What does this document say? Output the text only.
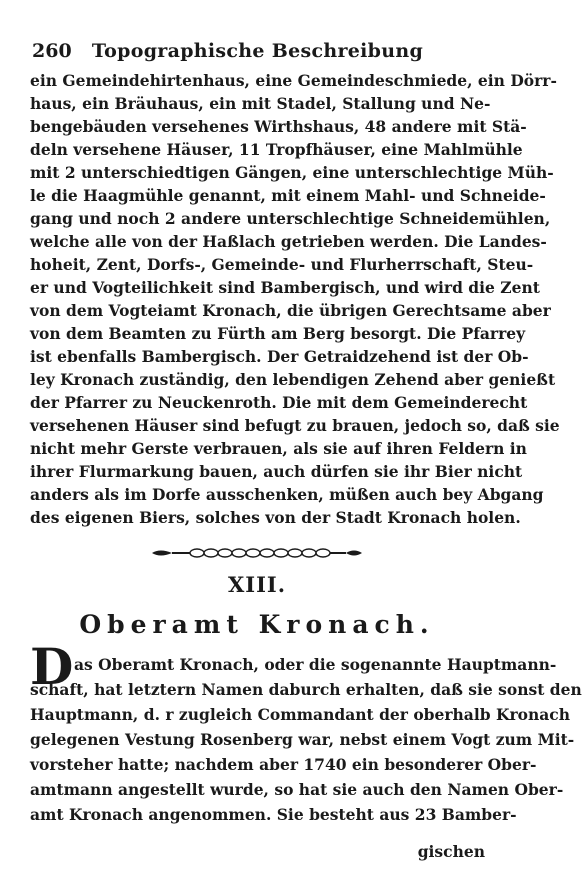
260	Topographische Beschreibung
ein Gemeindehirtenhaus, eine Gemeindeschmiede, ein Dörr-
haus, ein Bräuhaus, ein mit Stadel, Stallung und Ne-
bengebäuden versehenes Wirthshaus, 48 andere mit Stä-
deln versehene Häuser, 11 Tropfhäuser, eine Mahlmühle
mit 2 unterschiedtigen Gängen, eine unterschlechtige Müh-
le die Haagmühle genannt, mit einem Mahl- und Schneide-
gang und noch 2 andere unterschlechtige Schneidemühlen,
welche alle von der Haßlach getrieben werden. Die Landes-
hoheit, Zent, Dorfs-, Gemeinde- und Flurherrschaft, Steu-
er und Vogteilichkeit sind Bambergisch, und wird die Zent
von dem Vogteiamt Kronach, die übrigen Gerechtsame aber
von dem Beamten zu Fürth am Berg besorgt. Die Pfarrey
ist ebenfalls Bambergisch. Der Getraidzehend ist der Ob-
ley Kronach zuständig, den lebendigen Zehend aber genießt
der Pfarrer zu Neuckenroth. Die mit dem Gemeinderecht
versehenen Häuser sind befugt zu brauen, jedoch so, daß sie
nicht mehr Gerste verbrauen, als sie auf ihren Feldern in
ihrer Flurmarkung bauen, auch dürfen sie ihr Bier nicht
anders als im Dorfe ausschenken, müßen auch bey Abgang
des eigenen Biers, solches von der Stadt Kronach holen.
XIII.
Oberamt Kronach.
D as Oberamt Kronach, oder die sogenannte Hauptmann-
schaft, hat letztern Namen daburch erhalten, daß sie sonst den
Hauptmann, d. r zugleich Commandant der oberhalb Kronach
gelegenen Vestung Rosenberg war, nebst einem Vogt zum Mit-
vorsteher hatte; nachdem aber 1740 ein besonderer Ober-
amtmann angestellt wurde, so hat sie auch den Namen Ober-
amt Kronach angenommen. Sie besteht aus 23 Bamber-
gischen
